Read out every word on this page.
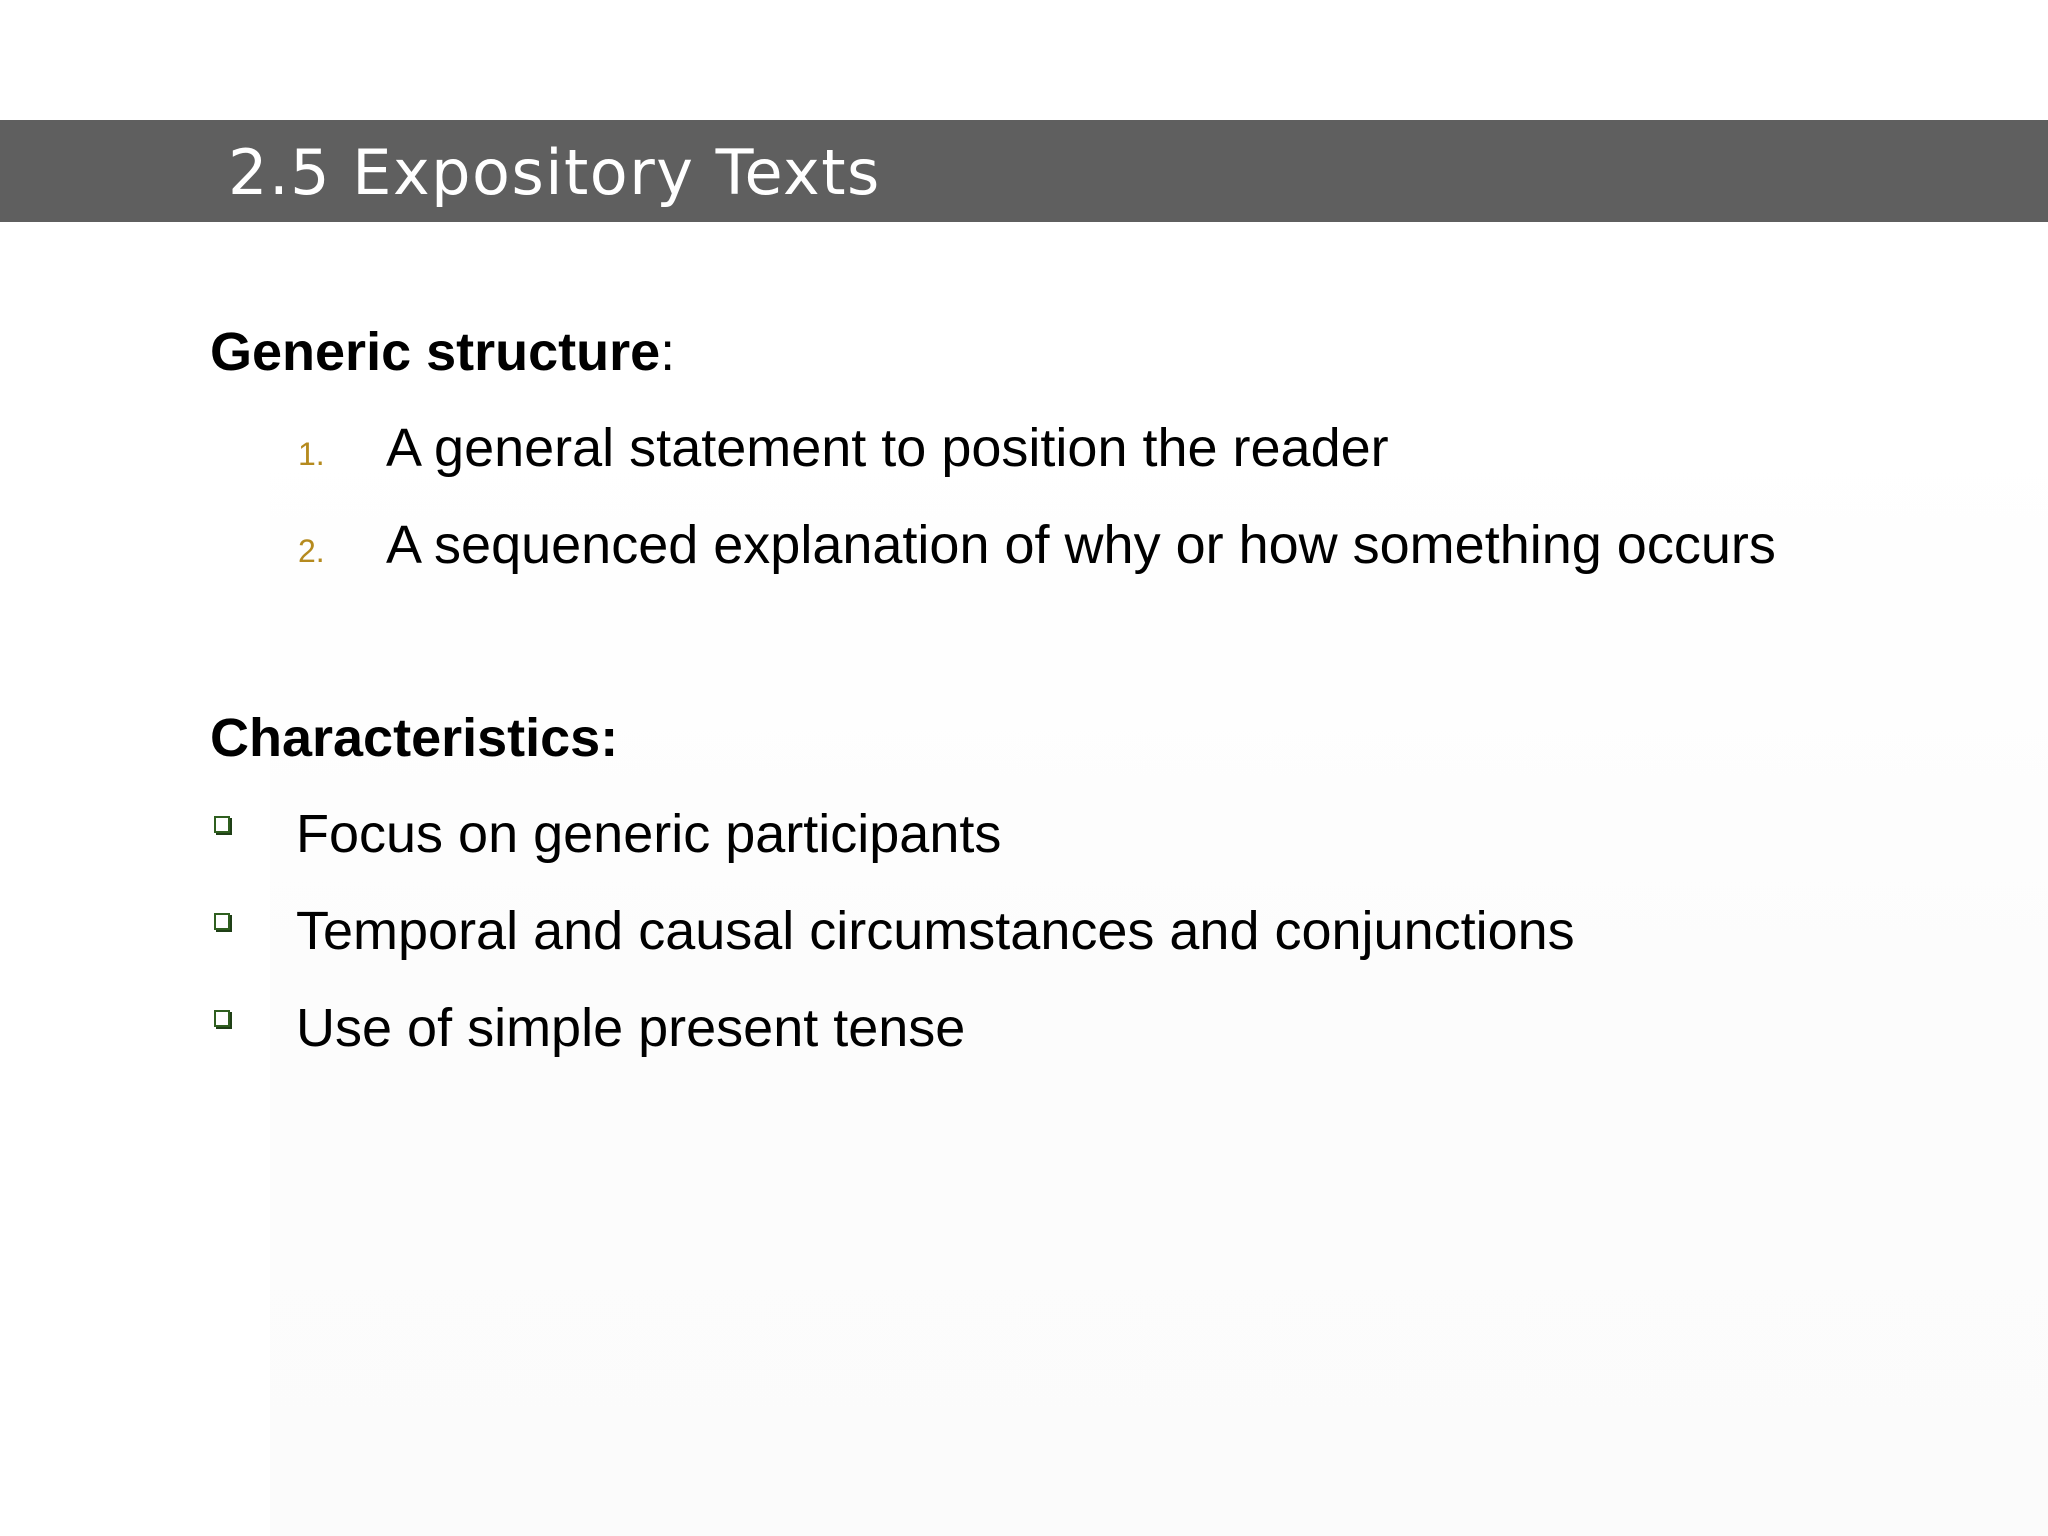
2.5 Expository Texts
Generic structure:
1. A general statement to position the reader
2. A sequenced explanation of why or how something occurs
Characteristics:
Focus on generic participants
Temporal and causal circumstances and conjunctions
Use of simple present tense
